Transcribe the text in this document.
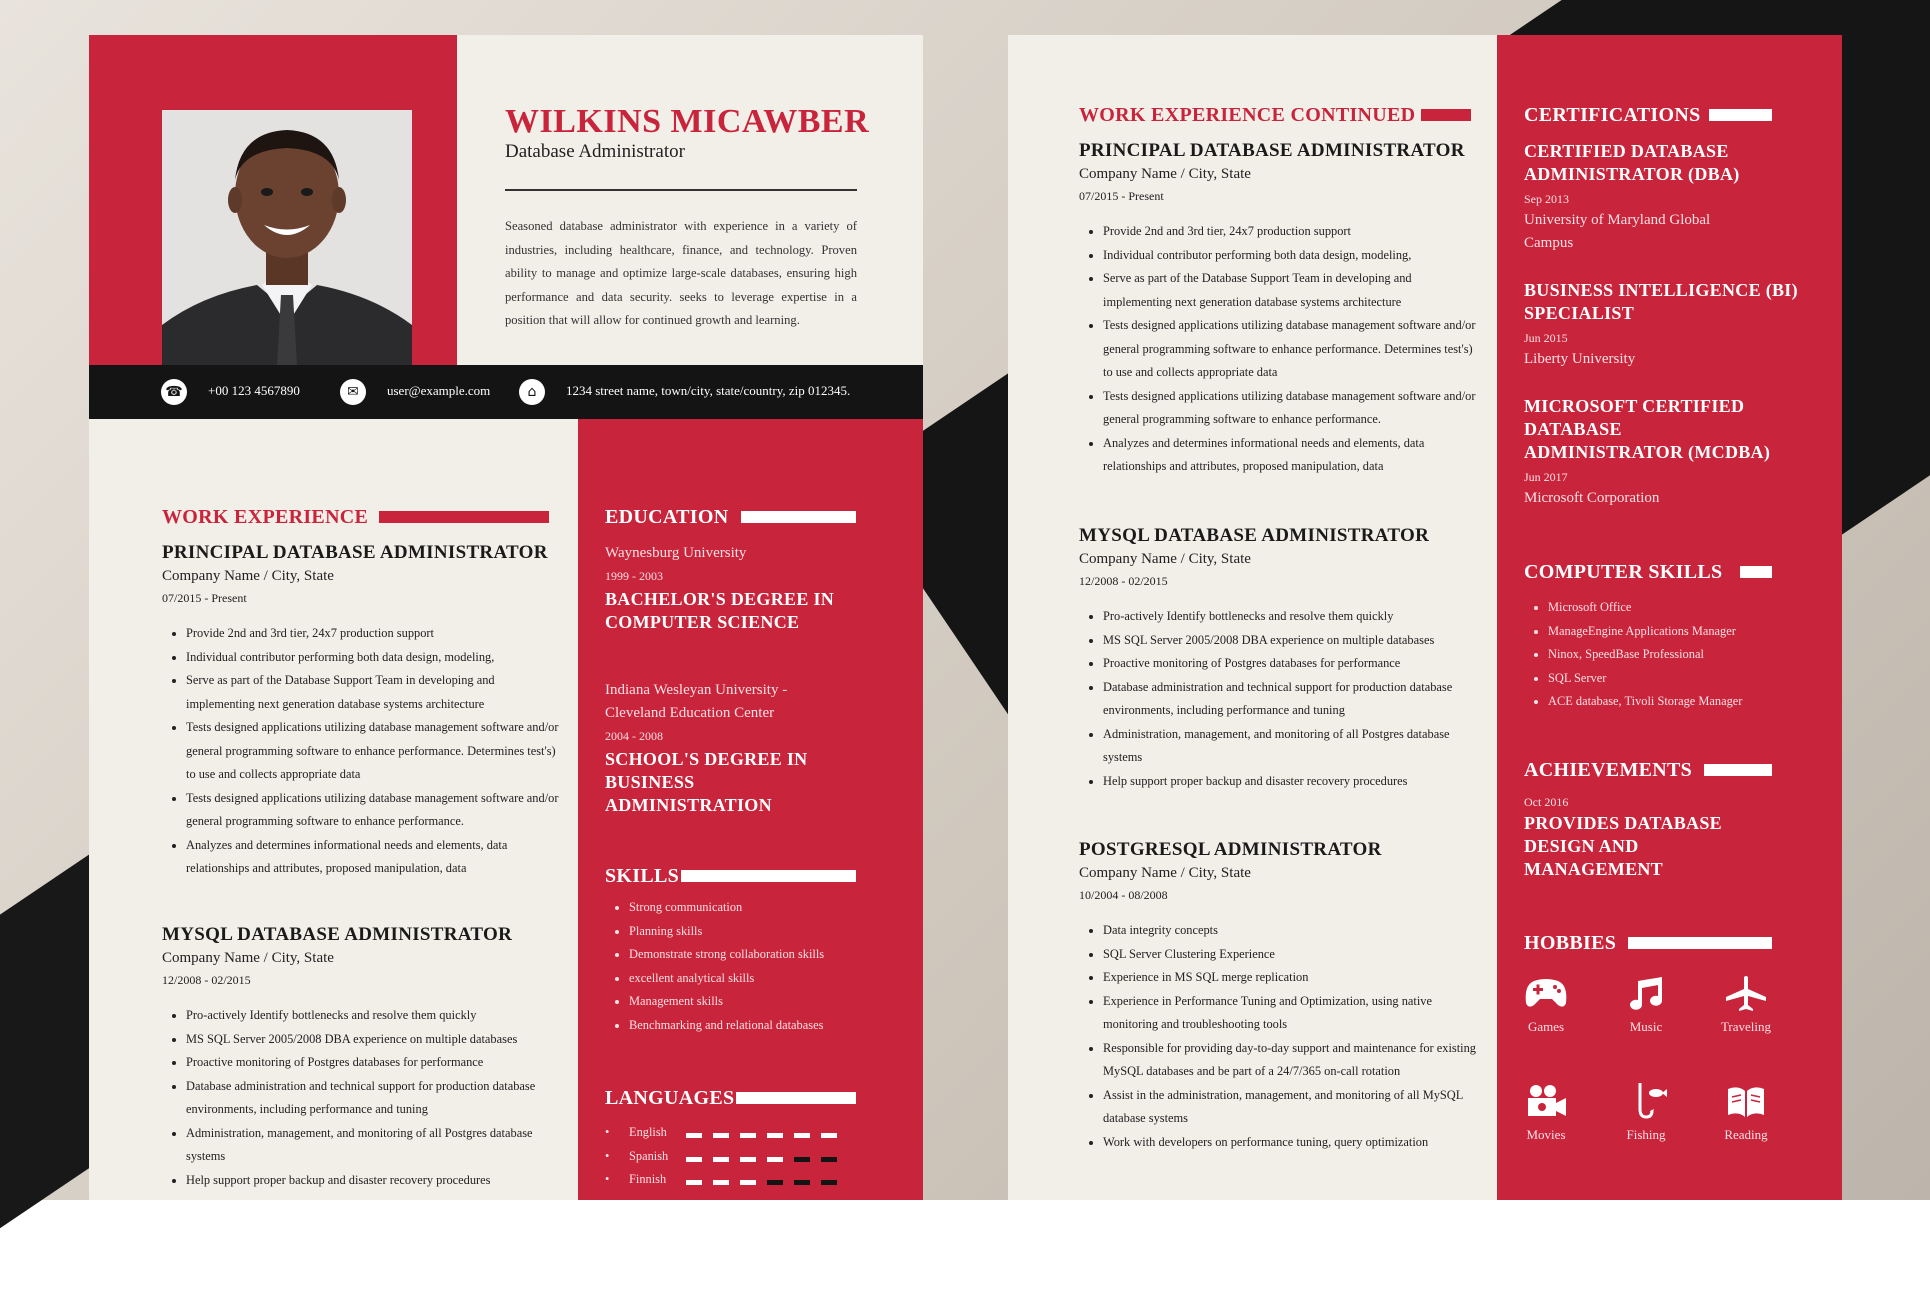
WILKINS MICAWBER
Database Administrator
Seasoned database administrator with experience in a variety of industries, including healthcare, finance, and technology. Proven ability to manage and optimize large-scale databases, ensuring high performance and data security. seeks to leverage expertise in a position that will allow for continued growth and learning.
☎	+00 123 4567890	✉	user@example.com	⌂	1234 street name, town/city, state/country, zip 012345.
WORK EXPERIENCE
PRINCIPAL DATABASE ADMINISTRATOR
Company Name / City, State
07/2015 - Present
• Provide 2nd and 3rd tier, 24x7 production support
• Individual contributor performing both data design, modeling,
• Serve as part of the Database Support Team in developing and implementing next generation database systems architecture
• Tests designed applications utilizing database management software and/or general programming software to enhance performance. Determines test's) to use and collects appropriate data
• Tests designed applications utilizing database management software and/or general programming software to enhance performance.
• Analyzes and determines informational needs and elements, data relationships and attributes, proposed manipulation, data
MYSQL DATABASE ADMINISTRATOR
Company Name / City, State
12/2008 - 02/2015
• Pro-actively Identify bottlenecks and resolve them quickly
• MS SQL Server 2005/2008 DBA experience on multiple databases
• Proactive monitoring of Postgres databases for performance
• Database administration and technical support for production database environments, including performance and tuning
• Administration, management, and monitoring of all Postgres database systems
• Help support proper backup and disaster recovery procedures
EDUCATION
Waynesburg University
1999 - 2003
BACHELOR'S DEGREE IN COMPUTER SCIENCE
Indiana Wesleyan University - Cleveland Education Center
2004 - 2008
SCHOOL'S DEGREE IN BUSINESS ADMINISTRATION
SKILLS
• Strong communication
• Planning skills
• Demonstrate strong collaboration skills
• excellent analytical skills
• Management skills
• Benchmarking and relational databases
LANGUAGES
• English
• Spanish
• Finnish
WORK EXPERIENCE CONTINUED
PRINCIPAL DATABASE ADMINISTRATOR
Company Name / City, State
07/2015 - Present
• Provide 2nd and 3rd tier, 24x7 production support
• Individual contributor performing both data design, modeling,
• Serve as part of the Database Support Team in developing and implementing next generation database systems architecture
• Tests designed applications utilizing database management software and/or general programming software to enhance performance. Determines test's) to use and collects appropriate data
• Tests designed applications utilizing database management software and/or general programming software to enhance performance.
• Analyzes and determines informational needs and elements, data relationships and attributes, proposed manipulation, data
MYSQL DATABASE ADMINISTRATOR
Company Name / City, State
12/2008 - 02/2015
• Pro-actively Identify bottlenecks and resolve them quickly
• MS SQL Server 2005/2008 DBA experience on multiple databases
• Proactive monitoring of Postgres databases for performance
• Database administration and technical support for production database environments, including performance and tuning
• Administration, management, and monitoring of all Postgres database systems
• Help support proper backup and disaster recovery procedures
POSTGRESQL ADMINISTRATOR
Company Name / City, State
10/2004 - 08/2008
• Data integrity concepts
• SQL Server Clustering Experience
• Experience in MS SQL merge replication
• Experience in Performance Tuning and Optimization, using native monitoring and troubleshooting tools
• Responsible for providing day-to-day support and maintenance for existing MySQL databases and be part of a 24/7/365 on-call rotation
• Assist in the administration, management, and monitoring of all MySQL database systems
• Work with developers on performance tuning, query optimization
CERTIFICATIONS
CERTIFIED DATABASE ADMINISTRATOR (DBA)
Sep 2013
University of Maryland Global Campus
BUSINESS INTELLIGENCE (BI) SPECIALIST
Jun 2015
Liberty University
MICROSOFT CERTIFIED DATABASE ADMINISTRATOR (MCDBA)
Jun 2017
Microsoft Corporation
COMPUTER SKILLS
• Microsoft Office
• ManageEngine Applications Manager
• Ninox, SpeedBase Professional
• SQL Server
• ACE database, Tivoli Storage Manager
ACHIEVEMENTS
Oct 2016
PROVIDES DATABASE DESIGN AND MANAGEMENT
HOBBIES
Games	Music	Traveling
Movies	Fishing	Reading
